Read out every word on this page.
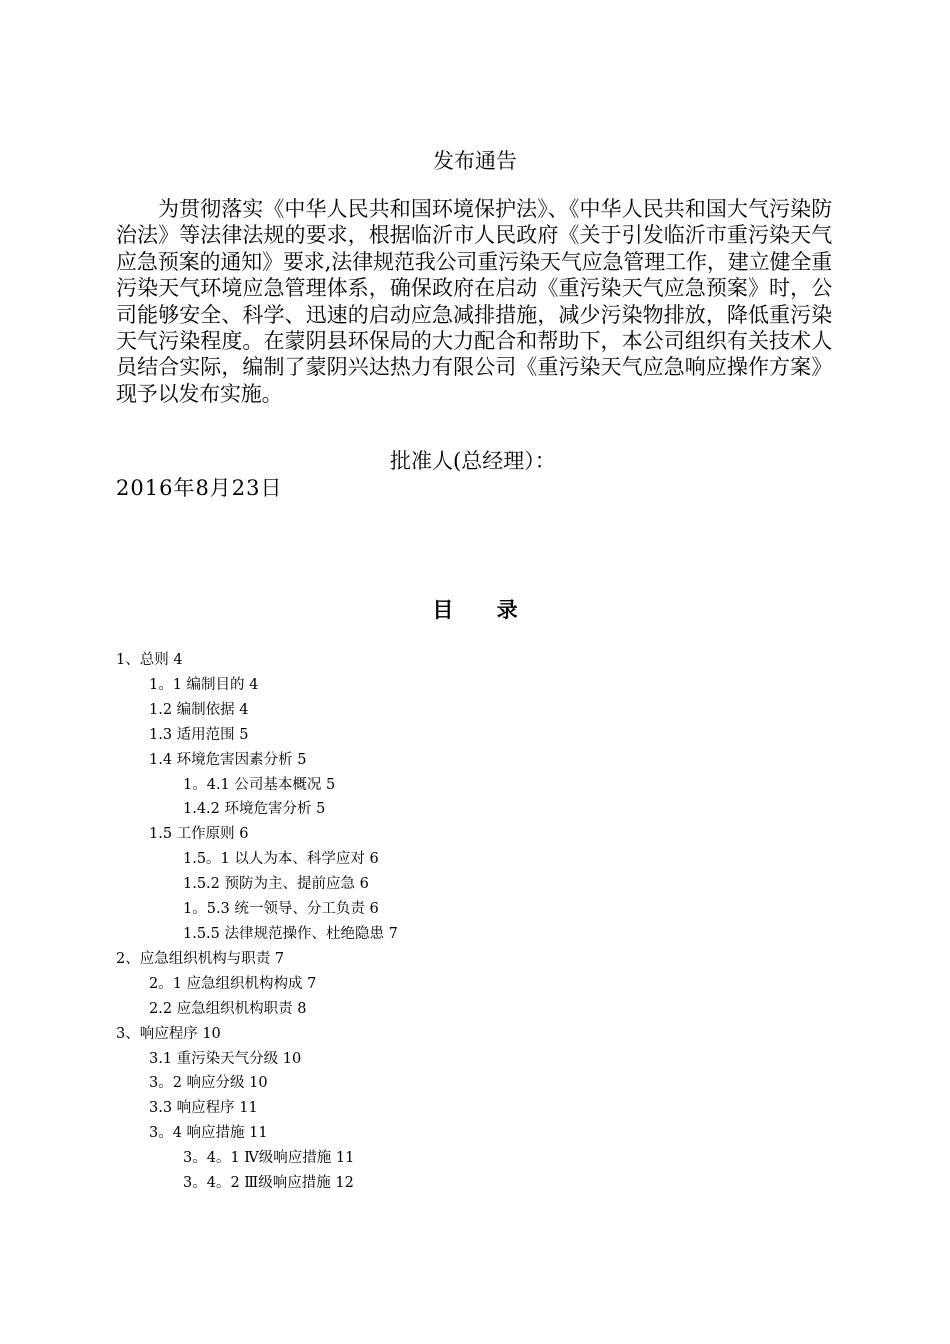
发布通告
为贯彻落实《中华人民共和国环境保护法》、《中华人民共和国大气污染防治法》等法律法规的要求，根据临沂市人民政府《关于引发临沂市重污染天气应急预案的通知》要求,法律规范我公司重污染天气应急管理工作，建立健全重污染天气环境应急管理体系，确保政府在启动《重污染天气应急预案》时，公司能够安全、科学、迅速的启动应急减排措施，减少污染物排放，降低重污染天气污染程度。在蒙阴县环保局的大力配合和帮助下，本公司组织有关技术人员结合实际，编制了蒙阴兴达热力有限公司《重污染天气应急响应操作方案》现予以发布实施。
批准人(总经理）：
2016年8月23日
目 录
1、总则 4
1。1 编制目的 4
1.2 编制依据 4
1.3 适用范围 5
1.4 环境危害因素分析 5
1。4.1 公司基本概况 5
1.4.2 环境危害分析 5
1.5 工作原则 6
1.5。1 以人为本、科学应对 6
1.5.2 预防为主、提前应急 6
1。5.3 统一领导、分工负责 6
1.5.5 法律规范操作、杜绝隐患 7
2、应急组织机构与职责 7
2。1 应急组织机构构成 7
2.2 应急组织机构职责 8
3、响应程序 10
3.1 重污染天气分级 10
3。2 响应分级 10
3.3 响应程序 11
3。4 响应措施 11
3。4。1 Ⅳ级响应措施 11
3。4。2 Ⅲ级响应措施 12
